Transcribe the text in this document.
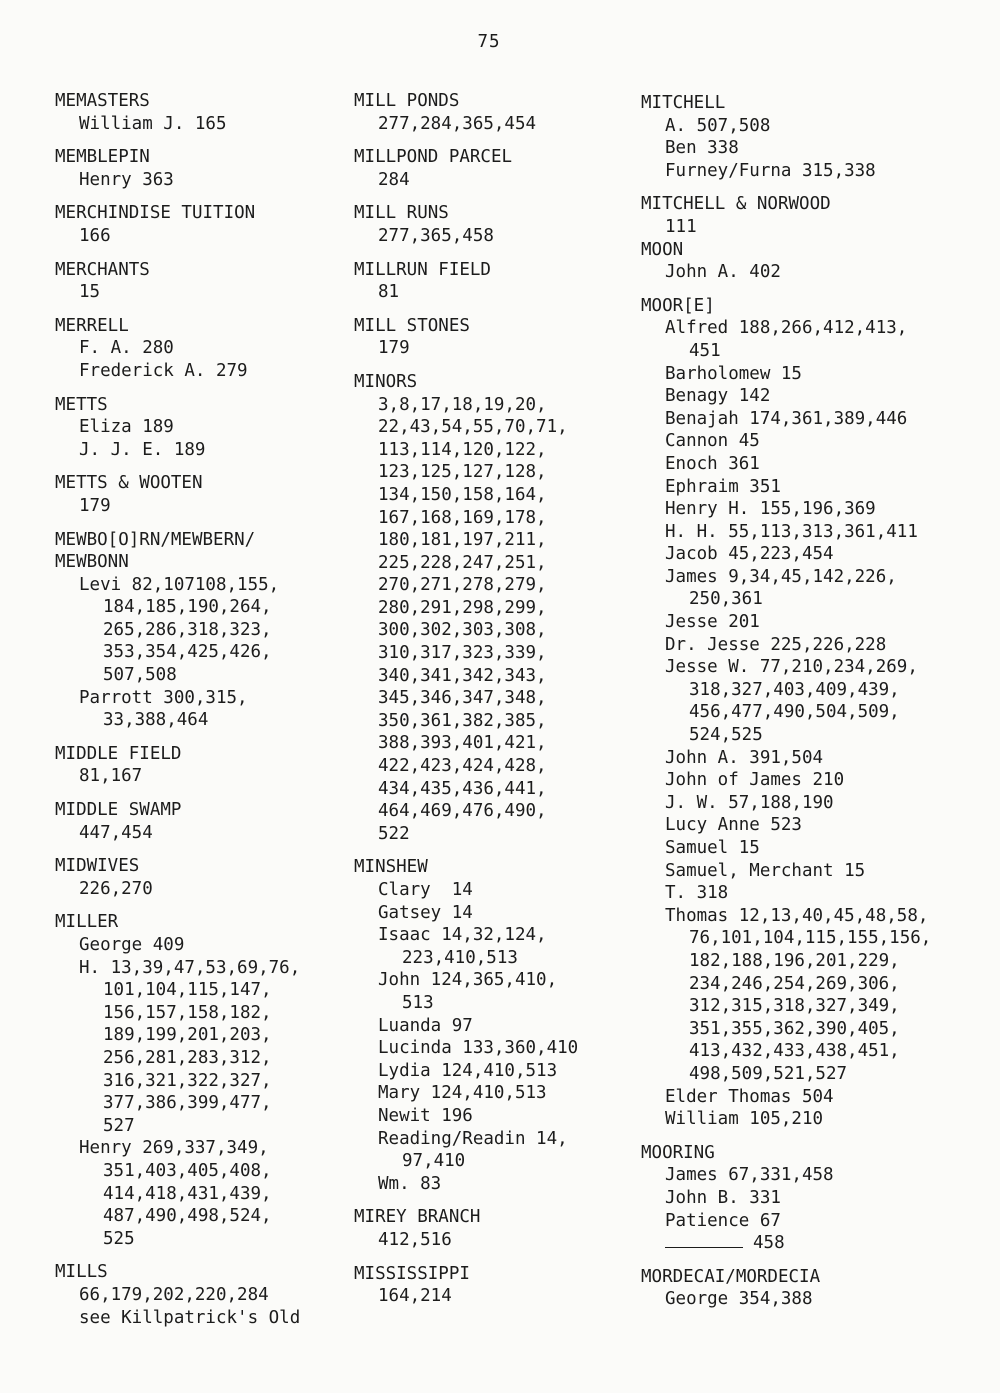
75
MEMASTERS
William J. 165
MEMBLEPIN
Henry 363
MERCHINDISE TUITION
166
MERCHANTS
15
MERRELL
F. A. 280
Frederick A. 279
METTS
Eliza 189
J. J. E. 189
METTS & WOOTEN
179
MEWBO[O]RN/MEWBERN/
MEWBONN
Levi 82,107108,155,
184,185,190,264,
265,286,318,323,
353,354,425,426,
507,508
Parrott 300,315,
33,388,464
MIDDLE FIELD
81,167
MIDDLE SWAMP
447,454
MIDWIVES
226,270
MILLER
George 409
H. 13,39,47,53,69,76,
101,104,115,147,
156,157,158,182,
189,199,201,203,
256,281,283,312,
316,321,322,327,
377,386,399,477,
527
Henry 269,337,349,
351,403,405,408,
414,418,431,439,
487,490,498,524,
525
MILLS
66,179,202,220,284
see Killpatrick's Old
MILL PONDS
277,284,365,454
MILLPOND PARCEL
284
MILL RUNS
277,365,458
MILLRUN FIELD
81
MILL STONES
179
MINORS
3,8,17,18,19,20,
22,43,54,55,70,71,
113,114,120,122,
123,125,127,128,
134,150,158,164,
167,168,169,178,
180,181,197,211,
225,228,247,251,
270,271,278,279,
280,291,298,299,
300,302,303,308,
310,317,323,339,
340,341,342,343,
345,346,347,348,
350,361,382,385,
388,393,401,421,
422,423,424,428,
434,435,436,441,
464,469,476,490,
522
MINSHEW
Clary  14
Gatsey 14
Isaac 14,32,124,
223,410,513
John 124,365,410,
513
Luanda 97
Lucinda 133,360,410
Lydia 124,410,513
Mary 124,410,513
Newit 196
Reading/Readin 14,
97,410
Wm. 83
MIREY BRANCH
412,516
MISSISSIPPI
164,214
MITCHELL
A. 507,508
Ben 338
Furney/Furna 315,338
MITCHELL & NORWOOD
111
MOON
John A. 402
MOOR[E]
Alfred 188,266,412,413,
451
Barholomew 15
Benagy 142
Benajah 174,361,389,446
Cannon 45
Enoch 361
Ephraim 351
Henry H. 155,196,369
H. H. 55,113,313,361,411
Jacob 45,223,454
James 9,34,45,142,226,
250,361
Jesse 201
Dr. Jesse 225,226,228
Jesse W. 77,210,234,269,
318,327,403,409,439,
456,477,490,504,509,
524,525
John A. 391,504
John of James 210
J. W. 57,188,190
Lucy Anne 523
Samuel 15
Samuel, Merchant 15
T. 318
Thomas 12,13,40,45,48,58,
76,101,104,115,155,156,
182,188,196,201,229,
234,246,254,269,306,
312,315,318,327,349,
351,355,362,390,405,
413,432,433,438,451,
498,509,521,527
Elder Thomas 504
William 105,210
MOORING
James 67,331,458
John B. 331
Patience 67
458
MORDECAI/MORDECIA
George 354,388
